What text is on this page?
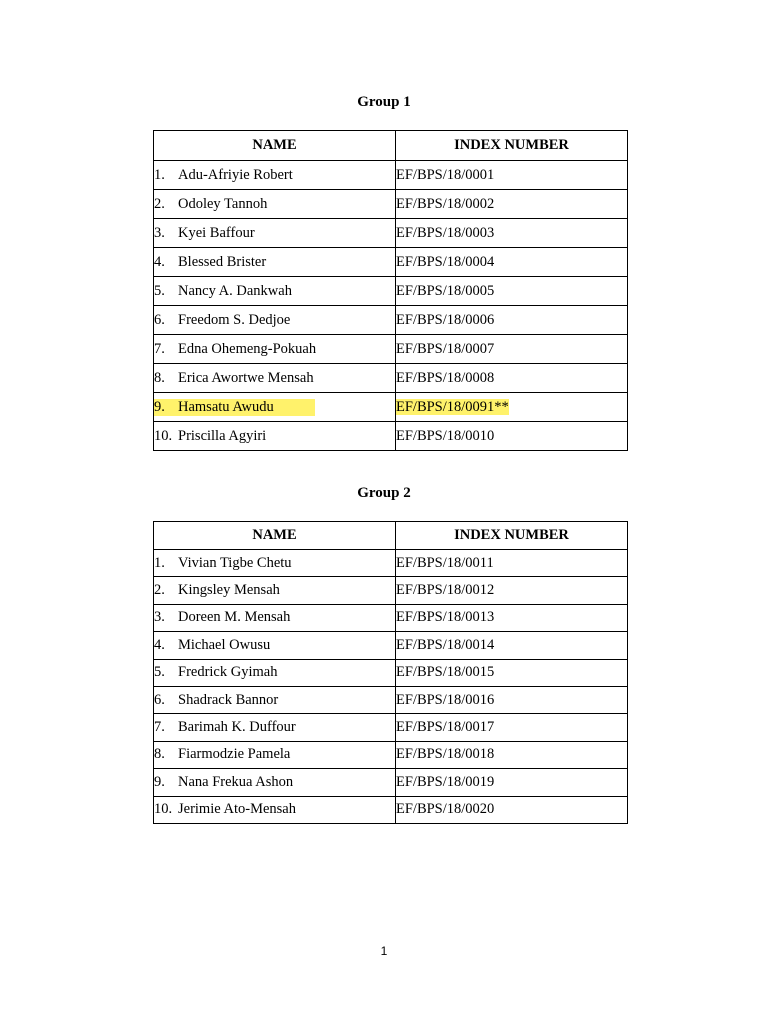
Group 1
NAME	INDEX NUMBER
1. Adu-Afriyie Robert	EF/BPS/18/0001
2. Odoley Tannoh	EF/BPS/18/0002
3. Kyei Baffour	EF/BPS/18/0003
4. Blessed Brister	EF/BPS/18/0004
5. Nancy A. Dankwah	EF/BPS/18/0005
6. Freedom S. Dedjoe	EF/BPS/18/0006
7. Edna Ohemeng-Pokuah	EF/BPS/18/0007
8. Erica Awortwe Mensah	EF/BPS/18/0008
9. Hamsatu Awudu	EF/BPS/18/0091**
10. Priscilla Agyiri	EF/BPS/18/0010
Group 2
NAME	INDEX NUMBER
1. Vivian Tigbe Chetu	EF/BPS/18/0011
2. Kingsley Mensah	EF/BPS/18/0012
3. Doreen M. Mensah	EF/BPS/18/0013
4. Michael Owusu	EF/BPS/18/0014
5. Fredrick Gyimah	EF/BPS/18/0015
6. Shadrack Bannor	EF/BPS/18/0016
7. Barimah K. Duffour	EF/BPS/18/0017
8. Fiarmodzie Pamela	EF/BPS/18/0018
9. Nana Frekua Ashon	EF/BPS/18/0019
10. Jerimie Ato-Mensah	EF/BPS/18/0020
1
